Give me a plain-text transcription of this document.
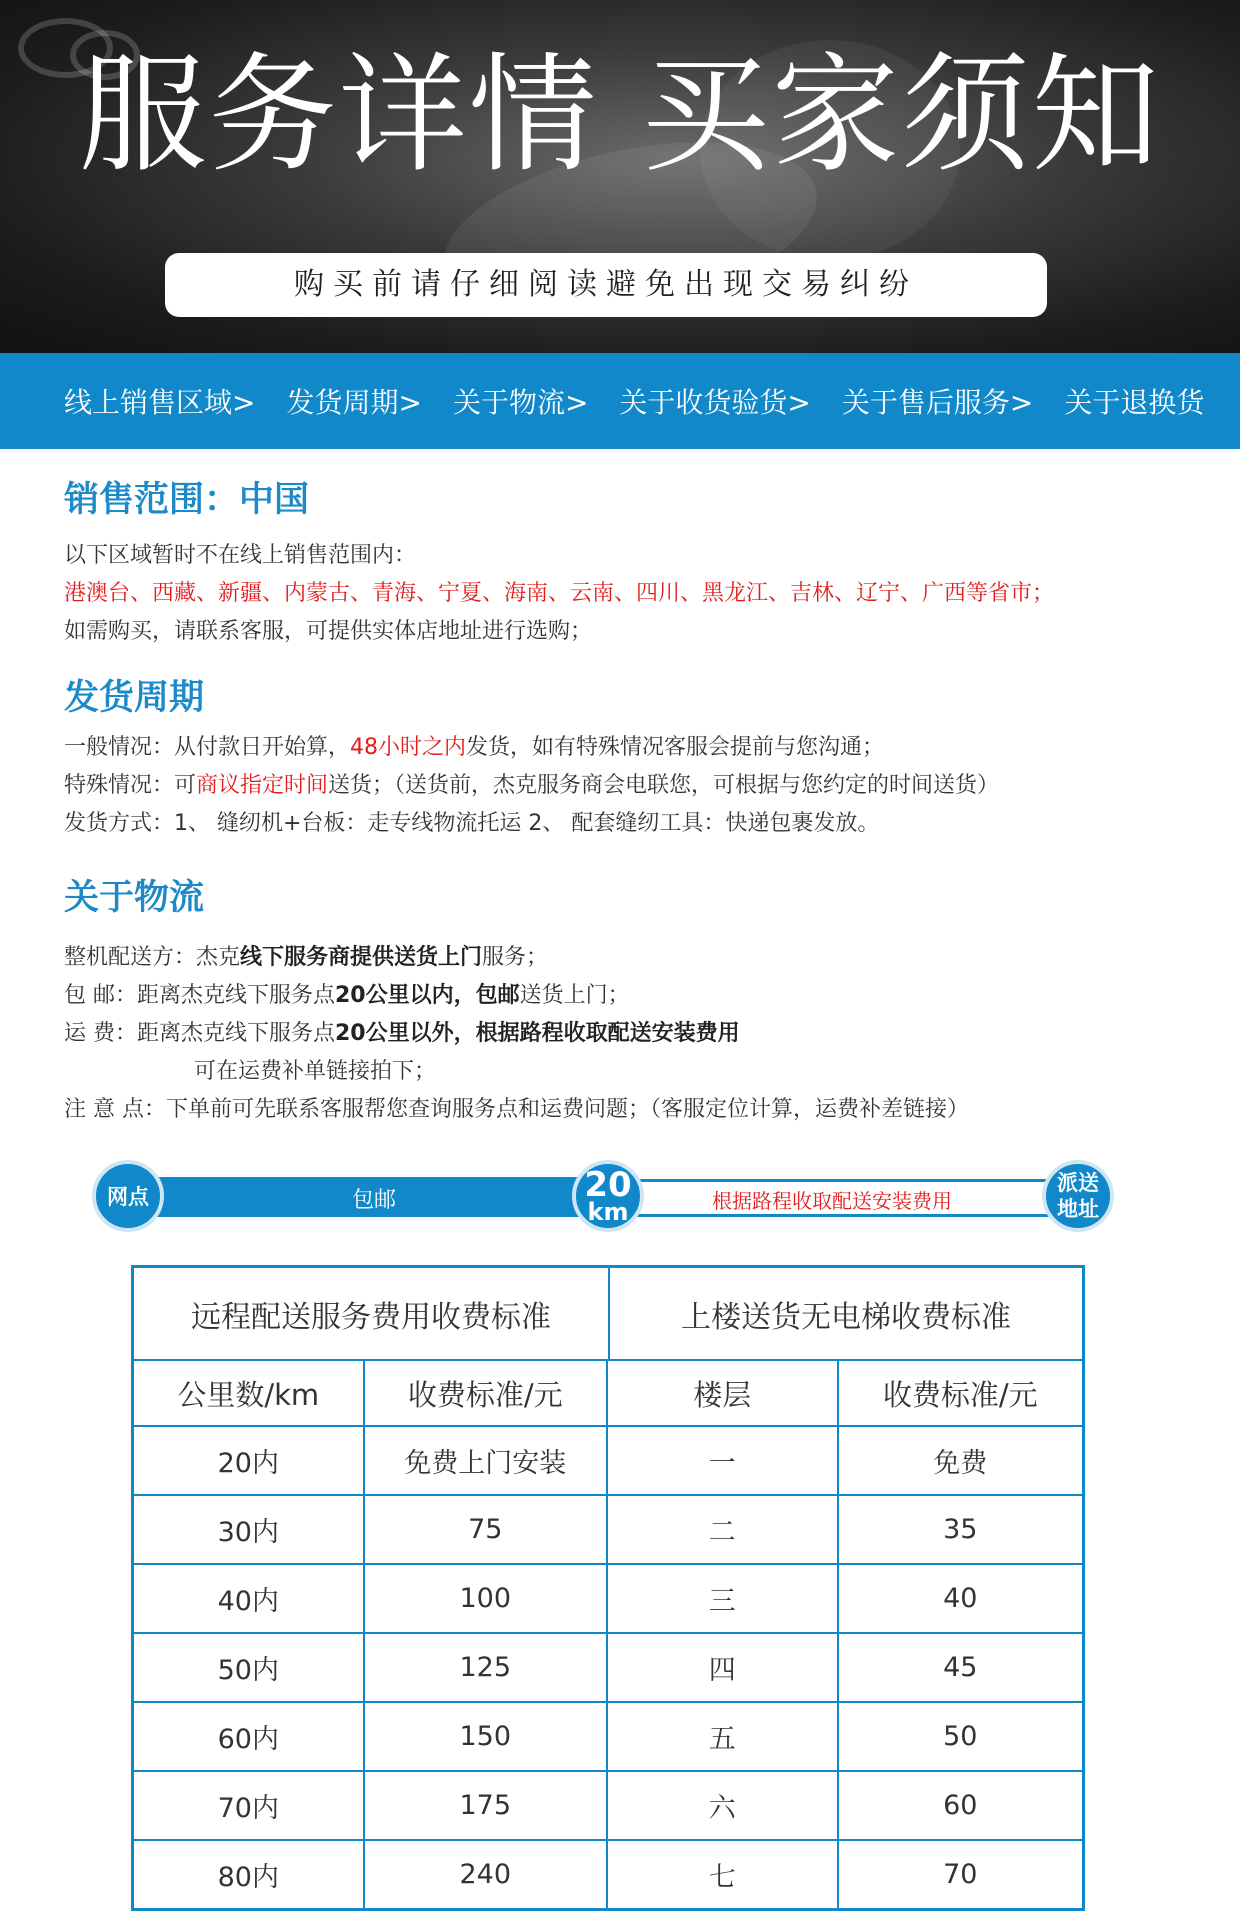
服务详情 买家须知
购买前请仔细阅读避免出现交易纠纷
线上销售区域> 发货周期> 关于物流> 关于收货验货> 关于售后服务> 关于退换货
销售范围：中国
以下区域暂时不在线上销售范围内：
港澳台、西藏、新疆、内蒙古、青海、宁夏、海南、云南、四川、黑龙江、吉林、辽宁、广西等省市；
如需购买，请联系客服，可提供实体店地址进行选购；
发货周期
一般情况：从付款日开始算，48小时之内发货，如有特殊情况客服会提前与您沟通；
特殊情况：可商议指定时间送货；（送货前，杰克服务商会电联您，可根据与您约定的时间送货）
发货方式：1、 缝纫机+台板：走专线物流托运 2、 配套缝纫工具：快递包裹发放。
关于物流
整机配送方：杰克线下服务商提供送货上门服务；
包 邮：距离杰克线下服务点20公里以内，包邮送货上门；
运 费：距离杰克线下服务点20公里以外，根据路程收取配送安装费用
可在运费补单链接拍下；
注 意 点：下单前可先联系客服帮您查询服务点和运费问题；（客服定位计算，运费补差链接）
包邮	根据路程收取配送安装费用
网点	20
km
派送
地址
远程配送服务费用收费标准	上楼送货无电梯收费标准
公里数/km	收费标准/元	楼层	收费标准/元
20内	免费上门安装	一	免费
30内	75	二	35
40内	100	三	40
50内	125	四	45
60内	150	五	50
70内	175	六	60
80内	240	七	70
